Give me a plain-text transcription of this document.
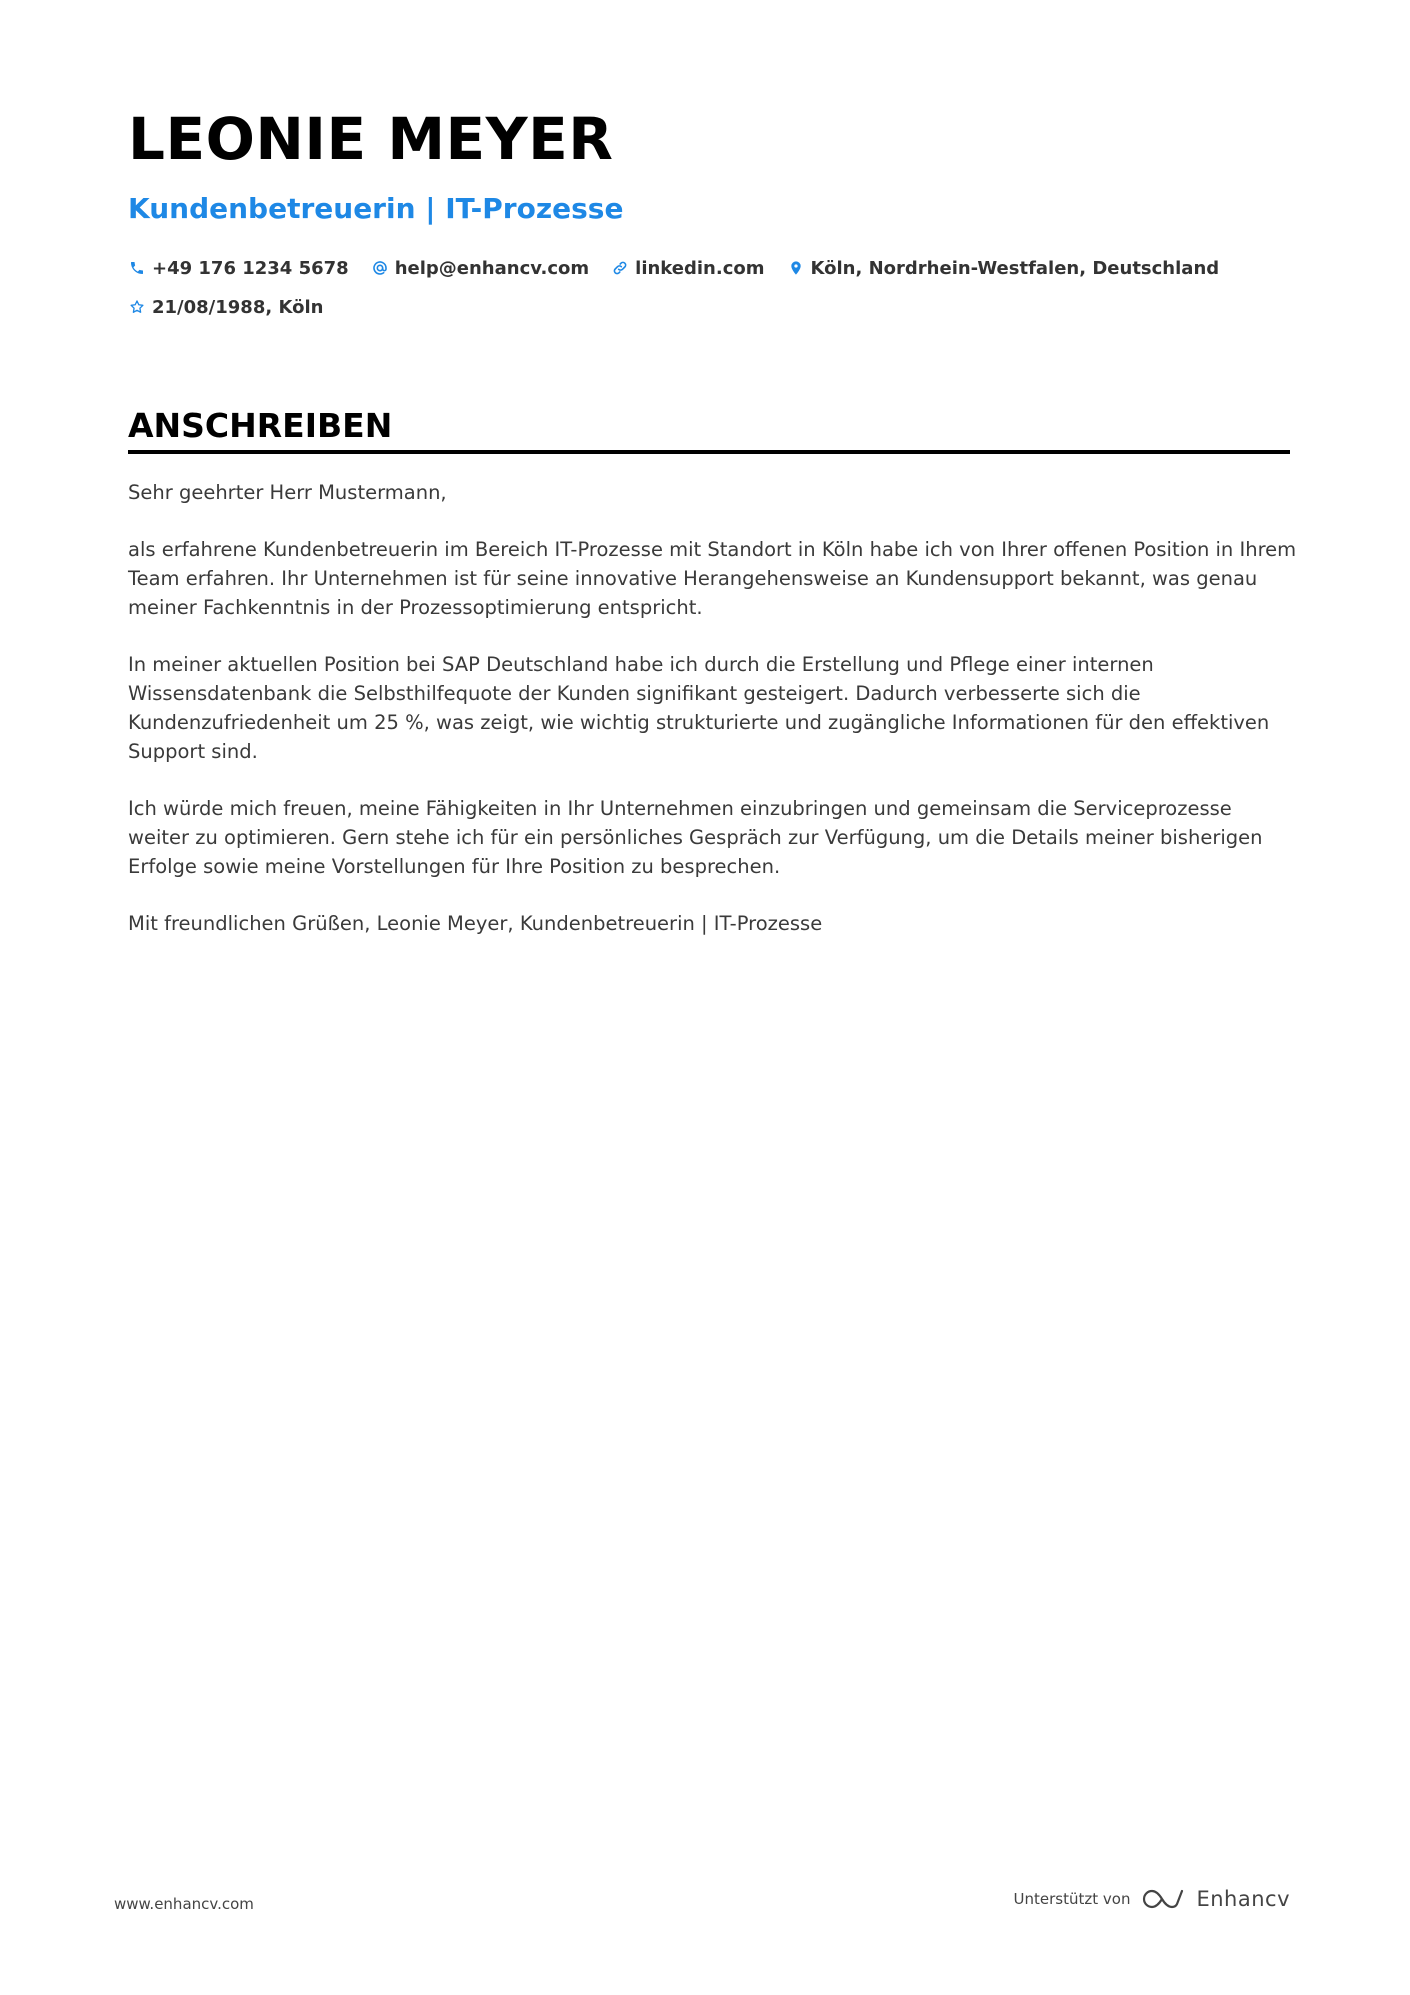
LEONIE MEYER
Kundenbetreuerin | IT-Prozesse
+49 176 1234 5678	help@enhancv.com	linkedin.com	Köln, Nordrhein-Westfalen, Deutschland
21/08/1988, Köln
ANSCHREIBEN

Sehr geehrter Herr Mustermann,

als erfahrene Kundenbetreuerin im Bereich IT-Prozesse mit Standort in Köln habe ich von Ihrer offenen Position in Ihrem Team erfahren. Ihr Unternehmen ist für seine innovative Herangehensweise an Kundensupport bekannt, was genau meiner Fachkenntnis in der Prozessoptimierung entspricht.

In meiner aktuellen Position bei SAP Deutschland habe ich durch die Erstellung und Pflege einer internen Wissensdatenbank die Selbsthilfequote der Kunden signifikant gesteigert. Dadurch verbesserte sich die Kundenzufriedenheit um 25 %, was zeigt, wie wichtig strukturierte und zugängliche Informationen für den effektiven Support sind.

Ich würde mich freuen, meine Fähigkeiten in Ihr Unternehmen einzubringen und gemeinsam die Serviceprozesse weiter zu optimieren. Gern stehe ich für ein persönliches Gespräch zur Verfügung, um die Details meiner bisherigen Erfolge sowie meine Vorstellungen für Ihre Position zu besprechen.

Mit freundlichen Grüßen, Leonie Meyer, Kundenbetreuerin | IT-Prozesse

www.enhancv.com	Unterstützt von	Enhancv
